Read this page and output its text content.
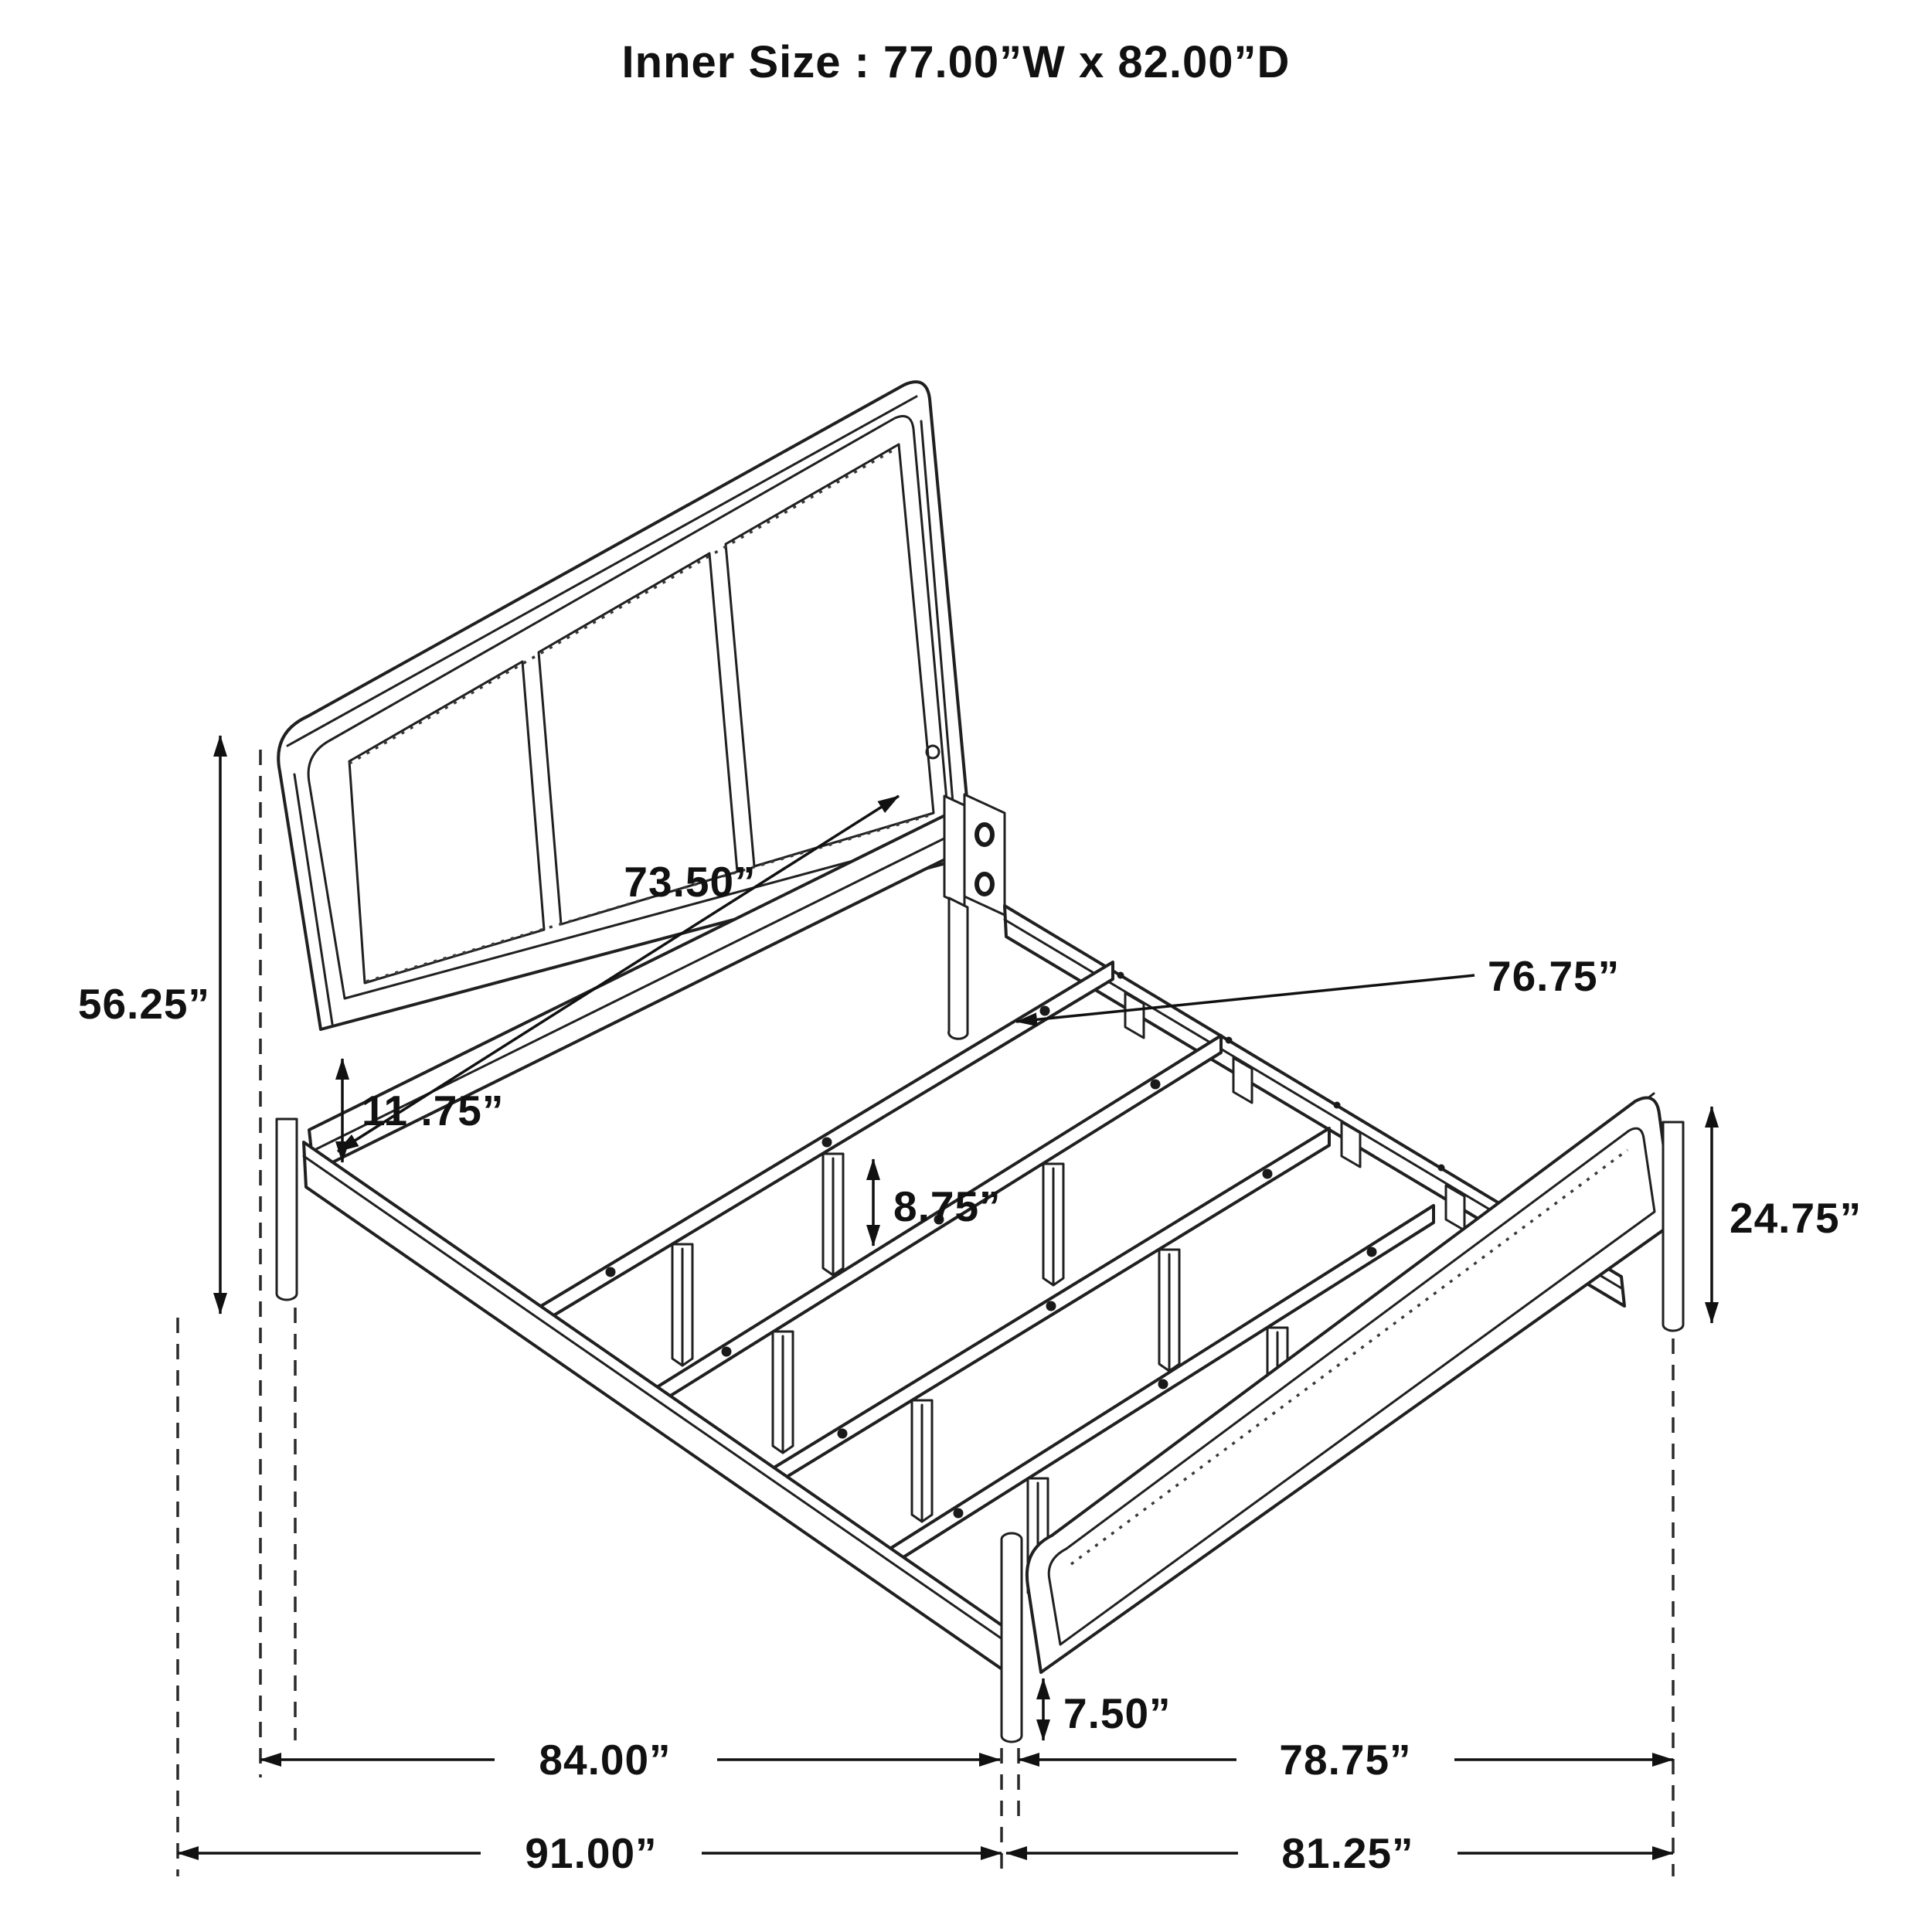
56.25”
73.50”
11 .75”
8.75”
76.75”
24.75”
7.50”
84.00”	78.75”
91.00”	81.25”
Inner Size : 77.00”W x 82.00”D
